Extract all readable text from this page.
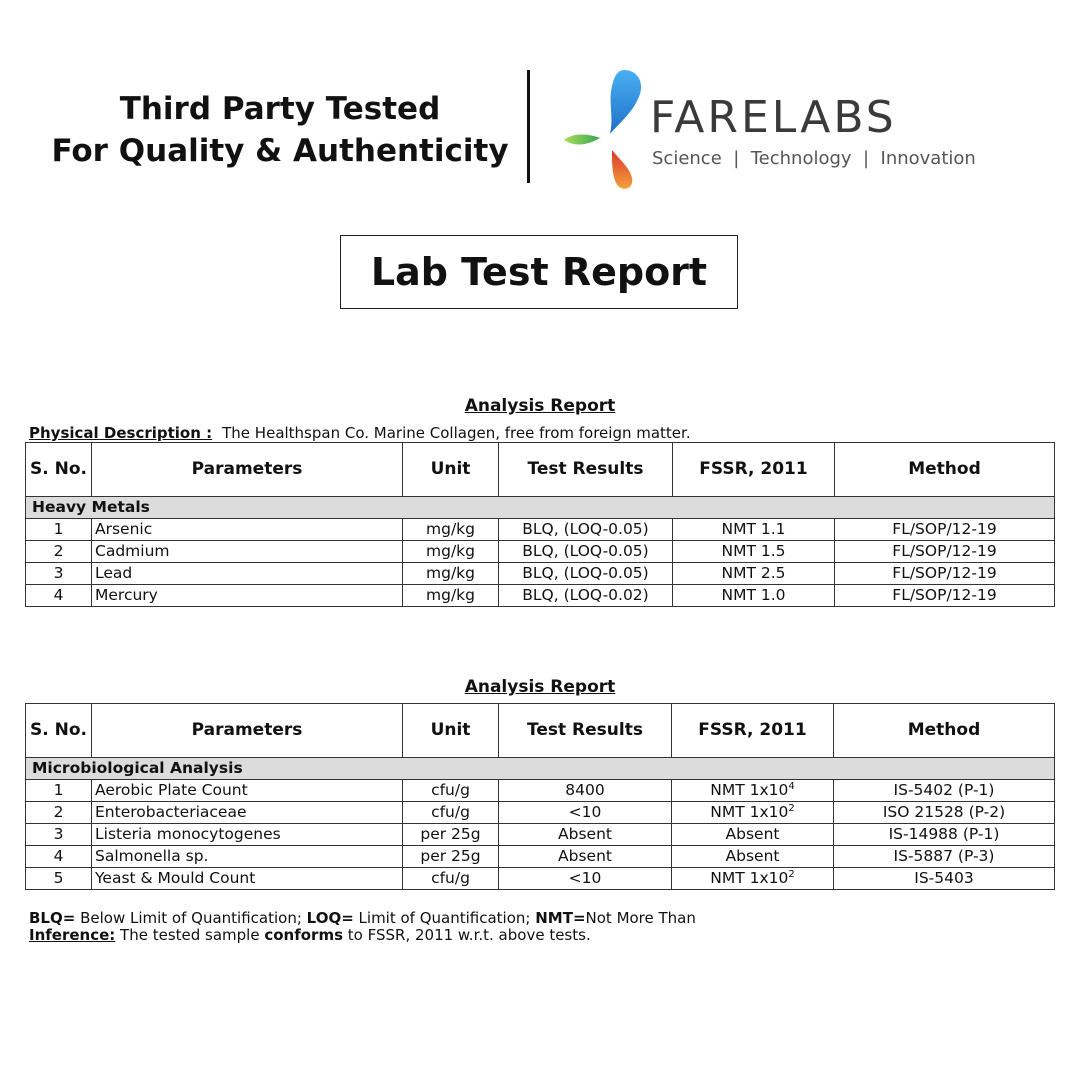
Third Party Tested
For Quality & Authenticity
FARELABS
Science  |  Technology  |  Innovation
Lab Test Report
Analysis Report
Physical Description : The Healthspan Co. Marine Collagen, free from foreign matter.
S. No.	Parameters	Unit	Test Results	FSSR, 2011	Method
Heavy Metals					
1	Arsenic	mg/kg	BLQ, (LOQ-0.05)	NMT 1.1	FL/SOP/12-19
2	Cadmium	mg/kg	BLQ, (LOQ-0.05)	NMT 1.5	FL/SOP/12-19
3	Lead	mg/kg	BLQ, (LOQ-0.05)	NMT 2.5	FL/SOP/12-19
4	Mercury	mg/kg	BLQ, (LOQ-0.02)	NMT 1.0	FL/SOP/12-19
Analysis Report
S. No.	Parameters	Unit	Test Results	FSSR, 2011	Method
Microbiological Analysis					
1	Aerobic Plate Count	cfu/g	8400	NMT $1x10^4$	IS-5402 (P-1)
2	Enterobacteriaceae	cfu/g	<10	NMT $1x10^2$	ISO 21528 (P-2)
3	Listeria monocytogenes	per 25g	Absent	Absent	IS-14988 (P-1)
4	Salmonella sp.	per 25g	Absent	Absent	IS-5887 (P-3)
5	Yeast & Mould Count	cfu/g	<10	NMT $1x10^2$	IS-5403
BLQ= Below Limit of Quantification; LOQ= Limit of Quantification; NMT=Not More Than
Inference: The tested sample conforms to FSSR, 2011 w.r.t. above tests.
